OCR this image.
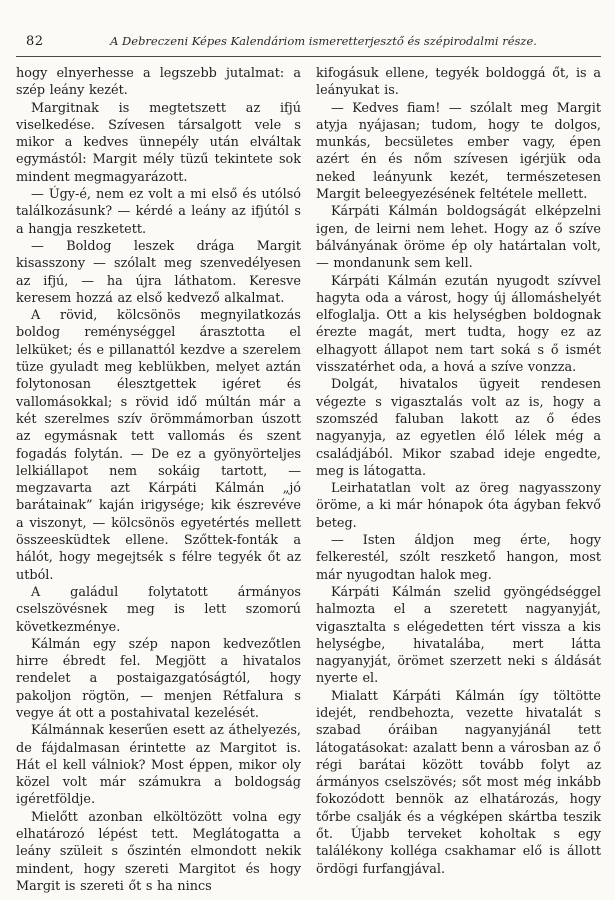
82	A Debreczeni Képes Kalendáriom ismeretterjesztő és szépirodalmi része.

hogy elnyerhesse a legszebb jutalmat: a szép leány kezét.

Margitnak is megtetszett az ifjú viselkedése. Szívesen társalgott vele s mikor a kedves ünnepély után elváltak egymástól: Margit mély tüzű tekintete sok mindent megmagyarázott.

— Úgy-é, nem ez volt a mi első és utólsó találkozásunk? — kérdé a leány az ifjútól s a hangja reszketett.

— Boldog leszek drága Margit kisasszony — szólalt meg szenvedélyesen az ifjú, — ha újra láthatom. Keresve keresem hozzá az első kedvező alkalmat.

A rövid, kölcsönös megnyilatkozás boldog reménységgel árasztotta el lelküket; és e pillanattól kezdve a szerelem tüze gyuladt meg keblükben, melyet aztán folytonosan élesztgettek igéret és vallomásokkal; s rövid idő múltán már a két szerelmes szív örömmámorban úszott az egymásnak tett vallomás és szent fogadás folytán. — De ez a gyönyörteljes lelkiállapot nem sokáig tartott, — megzavarta azt Kárpáti Kálmán „jó barátainak” kaján irigysége; kik észrevéve a viszonyt, — kölcsönös egyetértés mellett összeesküdtek ellene. Szőttek-fonták a hálót, hogy megejtsék s félre tegyék őt az utból.

A galádul folytatott ármányos cselszövésnek meg is lett szomorú következménye.

Kálmán egy szép napon kedvezőtlen hirre ébredt fel. Megjött a hivatalos rendelet a postaigazgatóságtól, hogy pakoljon rögtön, — menjen Rétfalura s vegye át ott a postahivatal kezelését.

Kálmánnak keserűen esett az áthelyezés, de fájdalmasan érintette az Margitot is. Hát el kell válniok? Most éppen, mikor oly közel volt már számukra a boldogság igéretföldje.

Mielőtt azonban elköltözött volna egy elhatározó lépést tett. Meglátogatta a leány szüleit s őszintén elmondott nekik mindent, hogy szereti Margitot és hogy Margit is szereti őt s ha nincs

kifogásuk ellene, tegyék boldoggá őt, is a leányukat is.

— Kedves fiam! — szólalt meg Margit atyja nyájasan; tudom, hogy te dolgos, munkás, becsületes ember vagy, épen azért én és nőm szívesen igérjük oda neked leányunk kezét, természetesen Margit beleegyezésének feltétele mellett.

Kárpáti Kálmán boldogságát elképzelni igen, de leirni nem lehet. Hogy az ő szíve bálványának öröme ép oly határtalan volt, — mondanunk sem kell.

Kárpáti Kálmán ezután nyugodt szívvel hagyta oda a várost, hogy új állomáshelyét elfoglalja. Ott a kis helységben boldognak érezte magát, mert tudta, hogy ez az elhagyott állapot nem tart soká s ő ismét visszatérhet oda, a hová a szíve vonzza.

Dolgát, hivatalos ügyeit rendesen végezte s vigasztalás volt az is, hogy a szomszéd faluban lakott az ő édes nagyanyja, az egyetlen élő lélek még a családjából. Mikor szabad ideje engedte, meg is látogatta.

Leirhatatlan volt az öreg nagyasszony öröme, a ki már hónapok óta ágyban fekvő beteg.

— Isten áldjon meg érte, hogy felkerestél, szólt reszkető hangon, most már nyugodtan halok meg.

Kárpáti Kálmán szelid gyöngédséggel halmozta el a szeretett nagyanyját, vigasztalta s elégedetten tért vissza a kis helységbe, hivatalába, mert látta nagyanyját, örömet szerzett neki s áldását nyerte el.

Mialatt Kárpáti Kálmán így töltötte idejét, rendbehozta, vezette hivatalát s szabad óráiban nagyanyjánál tett látogatásokat: azalatt benn a városban az ő régi barátai között tovább folyt az ármányos cselszövés; sőt most még inkább fokozódott bennök az elhatározás, hogy tőrbe csalják és a végképen skártba teszik őt. Újabb terveket koholtak s egy találékony kolléga csakhamar elő is állott ördögi furfangjával.
